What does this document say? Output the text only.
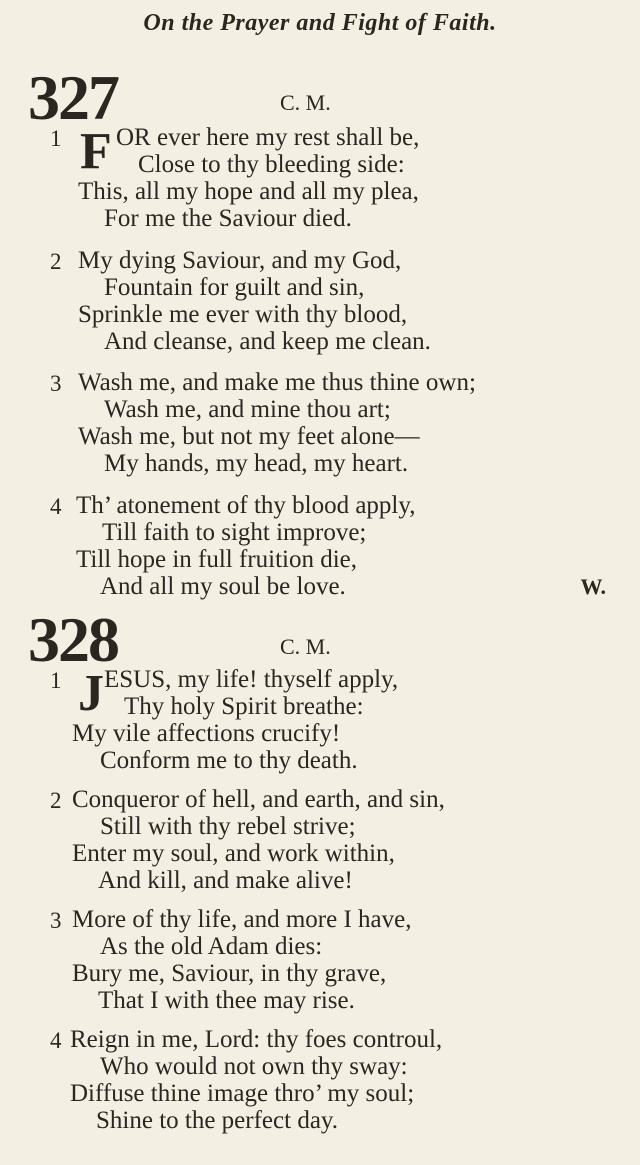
On the Prayer and Fight of Faith.
327	C. M.
1 F OR ever here my rest shall be,
Close to thy bleeding side:
This, all my hope and all my plea,
For me the Saviour died.
2 My dying Saviour, and my God,
Fountain for guilt and sin,
Sprinkle me ever with thy blood,
And cleanse, and keep me clean.
3 Wash me, and make me thus thine own;
Wash me, and mine thou art;
Wash me, but not my feet alone—
My hands, my head, my heart.
4 Th’ atonement of thy blood apply,
Till faith to sight improve;
Till hope in full fruition die,
And all my soul be love.	W.
328	C. M.
1 J ESUS, my life! thyself apply,
Thy holy Spirit breathe:
My vile affections crucify!
Conform me to thy death.
2 Conqueror of hell, and earth, and sin,
Still with thy rebel strive;
Enter my soul, and work within,
And kill, and make alive!
3 More of thy life, and more I have,
As the old Adam dies:
Bury me, Saviour, in thy grave,
That I with thee may rise.
4 Reign in me, Lord: thy foes controul,
Who would not own thy sway:
Diffuse thine image thro’ my soul;
Shine to the perfect day.
